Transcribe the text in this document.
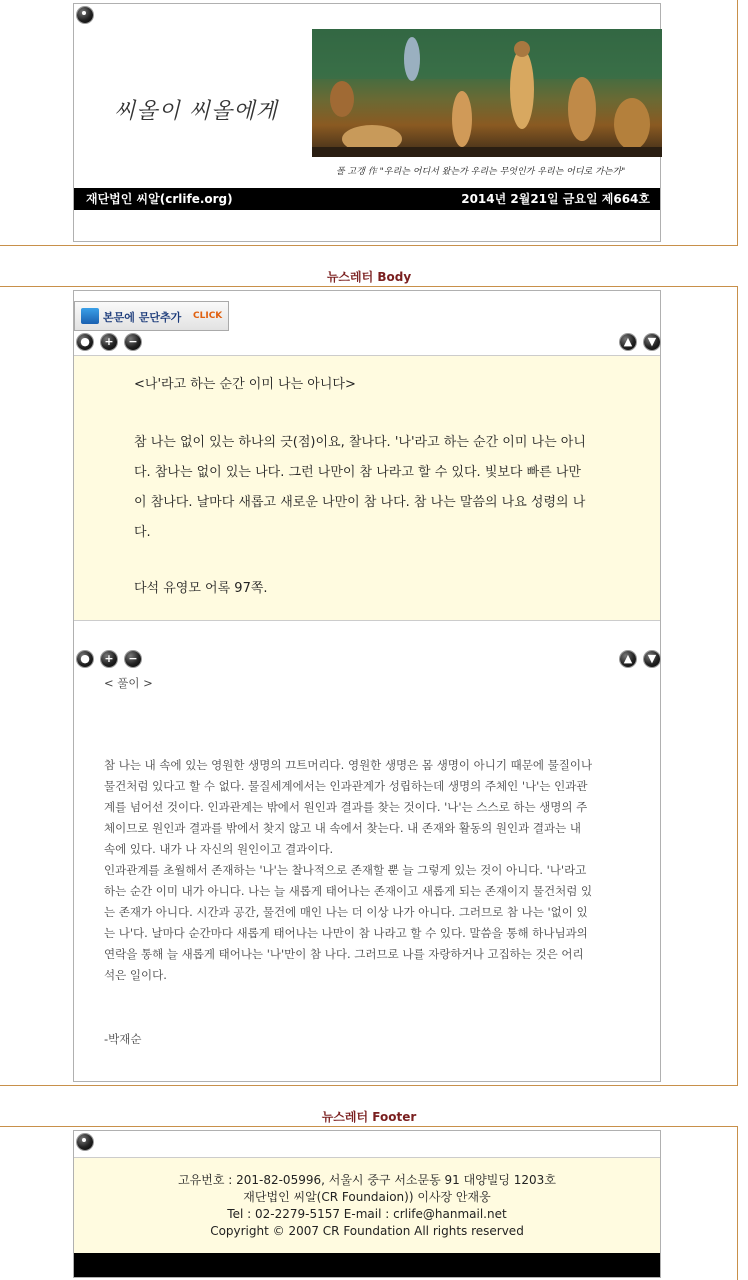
씨올이 씨올에게
폴 고갱 作 "우리는 어디서 왔는가 우리는 무엇인가 우리는 어디로 가는가"
재단법인 씨알(crlife.org)	2014년 2월21일 금요일 제664호
뉴스레터 Body
본문에 문단추가 CLICK
●	+	−	▲	▼
<나'라고 하는 순간 이미 나는 아니다>
참 나는 없이 있는 하나의 긋(점)이요, 찰나다. '나'라고 하는 순간 이미 나는 아니
다. 참나는 없이 있는 나다. 그런 나만이 참 나라고 할 수 있다. 빛보다 빠른 나만
이 참나다. 날마다 새롭고 새로운 나만이 참 나다. 참 나는 말씀의 나요 성령의 나
다.
다석 유영모 어록 97쪽.
●	+	−	▲	▼
< 풀이 >
참 나는 내 속에 있는 영원한 생명의 끄트머리다. 영원한 생명은 몸 생명이 아니기 때문에 물질이나
물건처럼 있다고 할 수 없다. 물질세계에서는 인과관계가 성립하는데 생명의 주체인 '나'는 인과관
계를 넘어선 것이다. 인과관계는 밖에서 원인과 결과를 찾는 것이다. '나'는 스스로 하는 생명의 주
체이므로 원인과 결과를 밖에서 찾지 않고 내 속에서 찾는다. 내 존재와 활동의 원인과 결과는 내
속에 있다. 내가 나 자신의 원인이고 결과이다.
인과관계를 초월해서 존재하는 '나'는 찰나적으로 존재할 뿐 늘 그렇게 있는 것이 아니다. '나'라고
하는 순간 이미 내가 아니다. 나는 늘 새롭게 태어나는 존재이고 새롭게 되는 존재이지 물건처럼 있
는 존재가 아니다. 시간과 공간, 물건에 매인 나는 더 이상 나가 아니다. 그러므로 참 나는 '없이 있
는 나'다. 날마다 순간마다 새롭게 태어나는 나만이 참 나라고 할 수 있다. 말씀을 통해 하나님과의
연락을 통해 늘 새롭게 태어나는 '나'만이 참 나다. 그러므로 나를 자랑하거나 고집하는 것은 어리
석은 일이다.
-박재순
뉴스레터 Footer
고유번호 : 201-82-05996, 서울시 중구 서소문동 91 대양빌딩 1203호
재단법인 씨알(CR Foundaion)) 이사장 안재웅
Tel : 02-2279-5157 E-mail : crlife@hanmail.net
Copyright © 2007 CR Foundation All rights reserved
